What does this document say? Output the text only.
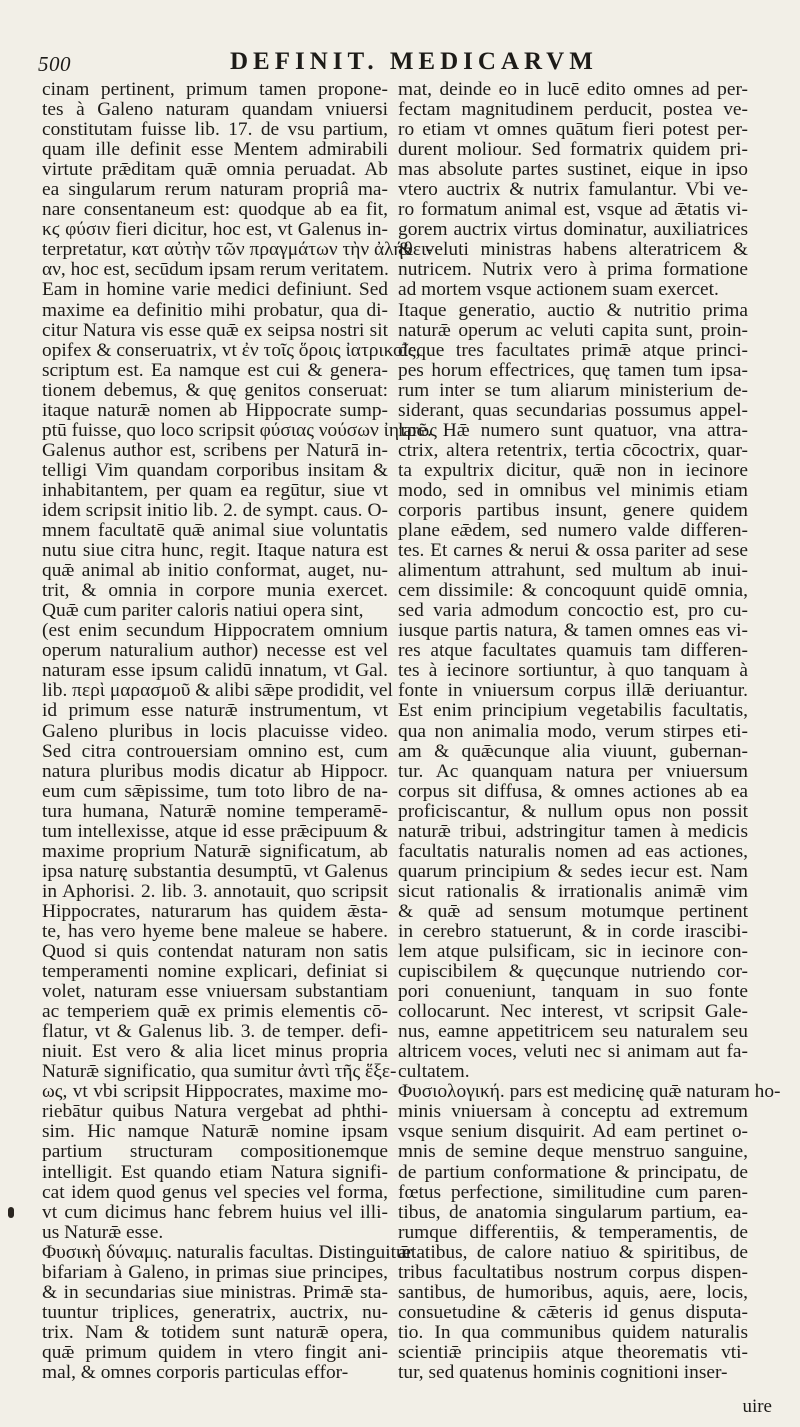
500	DEFINIT. MEDICARVM
cinam pertinent, primum tamen propone-
tes à Galeno naturam quandam vniuersi
constitutam fuisse lib. 17. de vsu partium,
quam ille definit esse Mentem admirabili
virtute prǣditam quǣ omnia peruadat. Ab
ea singularum rerum naturam propriâ ma-
nare consentaneum est: quodque ab ea fit,
κϛ φύσιν fieri dicitur, hoc est, vt Galenus in-
terpretatur, κατ αὐτὴν τῶν πραγμάτων τὴν ἀλήθει-
αν, hoc est, secūdum ipsam rerum veritatem.
Eam in homine varie medici definiunt. Sed
maxime ea definitio mihi probatur, qua di-
citur Natura vis esse quǣ ex seipsa nostri sit
opifex & conseruatrix, vt ἐν τοῖς ὅροις ἰατρικοῖς,
scriptum est. Ea namque est cui & genera-
tionem debemus, & quę genitos conseruat:
itaque naturǣ nomen ab Hippocrate sump-
ptū fuisse, quo loco scripsit φύσιας νούσων ἰητρῶς
Galenus author est, scribens per Naturā in-
telligi Vim quandam corporibus insitam &
inhabitantem, per quam ea regūtur, siue vt
idem scripsit initio lib. 2. de sympt. caus. O-
mnem facultatē quǣ animal siue voluntatis
nutu siue citra hunc, regit. Itaque natura est
quǣ animal ab initio conformat, auget, nu-
trit, & omnia in corpore munia exercet.
Quǣ cum pariter caloris natiui opera sint,
(est enim secundum Hippocratem omnium
operum naturalium author) necesse est vel
naturam esse ipsum calidū innatum, vt Gal.
lib. περὶ μαρασμοῦ & alibi sǣpe prodidit, vel
id primum esse naturǣ instrumentum, vt
Galeno pluribus in locis placuisse video.
Sed citra controuersiam omnino est, cum
natura pluribus modis dicatur ab Hippocr.
eum cum sǣpissime, tum toto libro de na-
tura humana, Naturǣ nomine temperamē-
tum intellexisse, atque id esse prǣcipuum &
maxime proprium Naturǣ significatum, ab
ipsa naturę substantia desumptū, vt Galenus
in Aphorisi. 2. lib. 3. annotauit, quo scripsit
Hippocrates, naturarum has quidem ǣsta-
te, has vero hyeme bene maleue se habere.
Quod si quis contendat naturam non satis
temperamenti nomine explicari, definiat si
volet, naturam esse vniuersam substantiam
ac temperiem quǣ ex primis elementis cō-
flatur, vt & Galenus lib. 3. de temper. defi-
niuit. Est vero & alia licet minus propria
Naturǣ significatio, qua sumitur ἀντὶ τῆς ἕξε-
ως, vt vbi scripsit Hippocrates, maxime mo-
riebātur quibus Natura vergebat ad phthi-
sim. Hic namque Naturǣ nomine ipsam
partium structuram compositionemque
intelligit. Est quando etiam Natura signifi-
cat idem quod genus vel species vel forma,
vt cum dicimus hanc febrem huius vel illi-
us Naturǣ esse.
Φυσικὴ δύναμις. naturalis facultas. Distinguitur
bifariam à Galeno, in primas siue principes,
& in secundarias siue ministras. Primǣ sta-
tuuntur triplices, generatrix, auctrix, nu-
trix. Nam & totidem sunt naturǣ opera,
quǣ primum quidem in vtero fingit ani-
mal, & omnes corporis particulas effor-
mat, deinde eo in lucē edito omnes ad per-
fectam magnitudinem perducit, postea ve-
ro etiam vt omnes quātum fieri potest per-
durent moliour. Sed formatrix quidem pri-
mas absolute partes sustinet, eique in ipso
vtero auctrix & nutrix famulantur. Vbi ve-
ro formatum animal est, vsque ad ǣtatis vi-
gorem auctrix virtus dominatur, auxiliatrices
& veluti ministras habens alteratricem &
nutricem. Nutrix vero à prima formatione
ad mortem vsque actionem suam exercet.
Itaque generatio, auctio & nutritio prima
naturǣ operum ac veluti capita sunt, proin-
deque tres facultates primǣ atque princi-
pes horum effectrices, quę tamen tum ipsa-
rum inter se tum aliarum ministerium de-
siderant, quas secundarias possumus appel-
lare. Hǣ numero sunt quatuor, vna attra-
ctrix, altera retentrix, tertia cōcoctrix, quar-
ta expultrix dicitur, quǣ non in iecinore
modo, sed in omnibus vel minimis etiam
corporis partibus insunt, genere quidem
plane eǣdem, sed numero valde differen-
tes. Et carnes & nerui & ossa pariter ad sese
alimentum attrahunt, sed multum ab inui-
cem dissimile: & concoquunt quidē omnia,
sed varia admodum concoctio est, pro cu-
iusque partis natura, & tamen omnes eas vi-
res atque facultates quamuis tam differen-
tes à iecinore sortiuntur, à quo tanquam à
fonte in vniuersum corpus illǣ deriuantur.
Est enim principium vegetabilis facultatis,
qua non animalia modo, verum stirpes eti-
am & quǣcunque alia viuunt, gubernan-
tur. Ac quanquam natura per vniuersum
corpus sit diffusa, & omnes actiones ab ea
proficiscantur, & nullum opus non possit
naturǣ tribui, adstringitur tamen à medicis
facultatis naturalis nomen ad eas actiones,
quarum principium & sedes iecur est. Nam
sicut rationalis & irrationalis animǣ vim
& quǣ ad sensum motumque pertinent
in cerebro statuerunt, & in corde irascibi-
lem atque pulsificam, sic in iecinore con-
cupiscibilem & quęcunque nutriendo cor-
pori conueniunt, tanquam in suo fonte
collocarunt. Nec interest, vt scripsit Gale-
nus, eamne appetitricem seu naturalem seu
altricem voces, veluti nec si animam aut fa-
cultatem.
Φυσιολογική. pars est medicinę quǣ naturam ho-
minis vniuersam à conceptu ad extremum
vsque senium disquirit. Ad eam pertinet o-
mnis de semine deque menstruo sanguine,
de partium conformatione & principatu, de
fœtus perfectione, similitudine cum paren-
tibus, de anatomia singularum partium, ea-
rumque differentiis, & temperamentis, de
ǣtatibus, de calore natiuo & spiritibus, de
tribus facultatibus nostrum corpus dispen-
santibus, de humoribus, aquis, aere, locis,
consuetudine & cǣteris id genus disputa-
tio. In qua communibus quidem naturalis
scientiǣ principiis atque theorematis vti-
tur, sed quatenus hominis cognitioni inser-
uire
